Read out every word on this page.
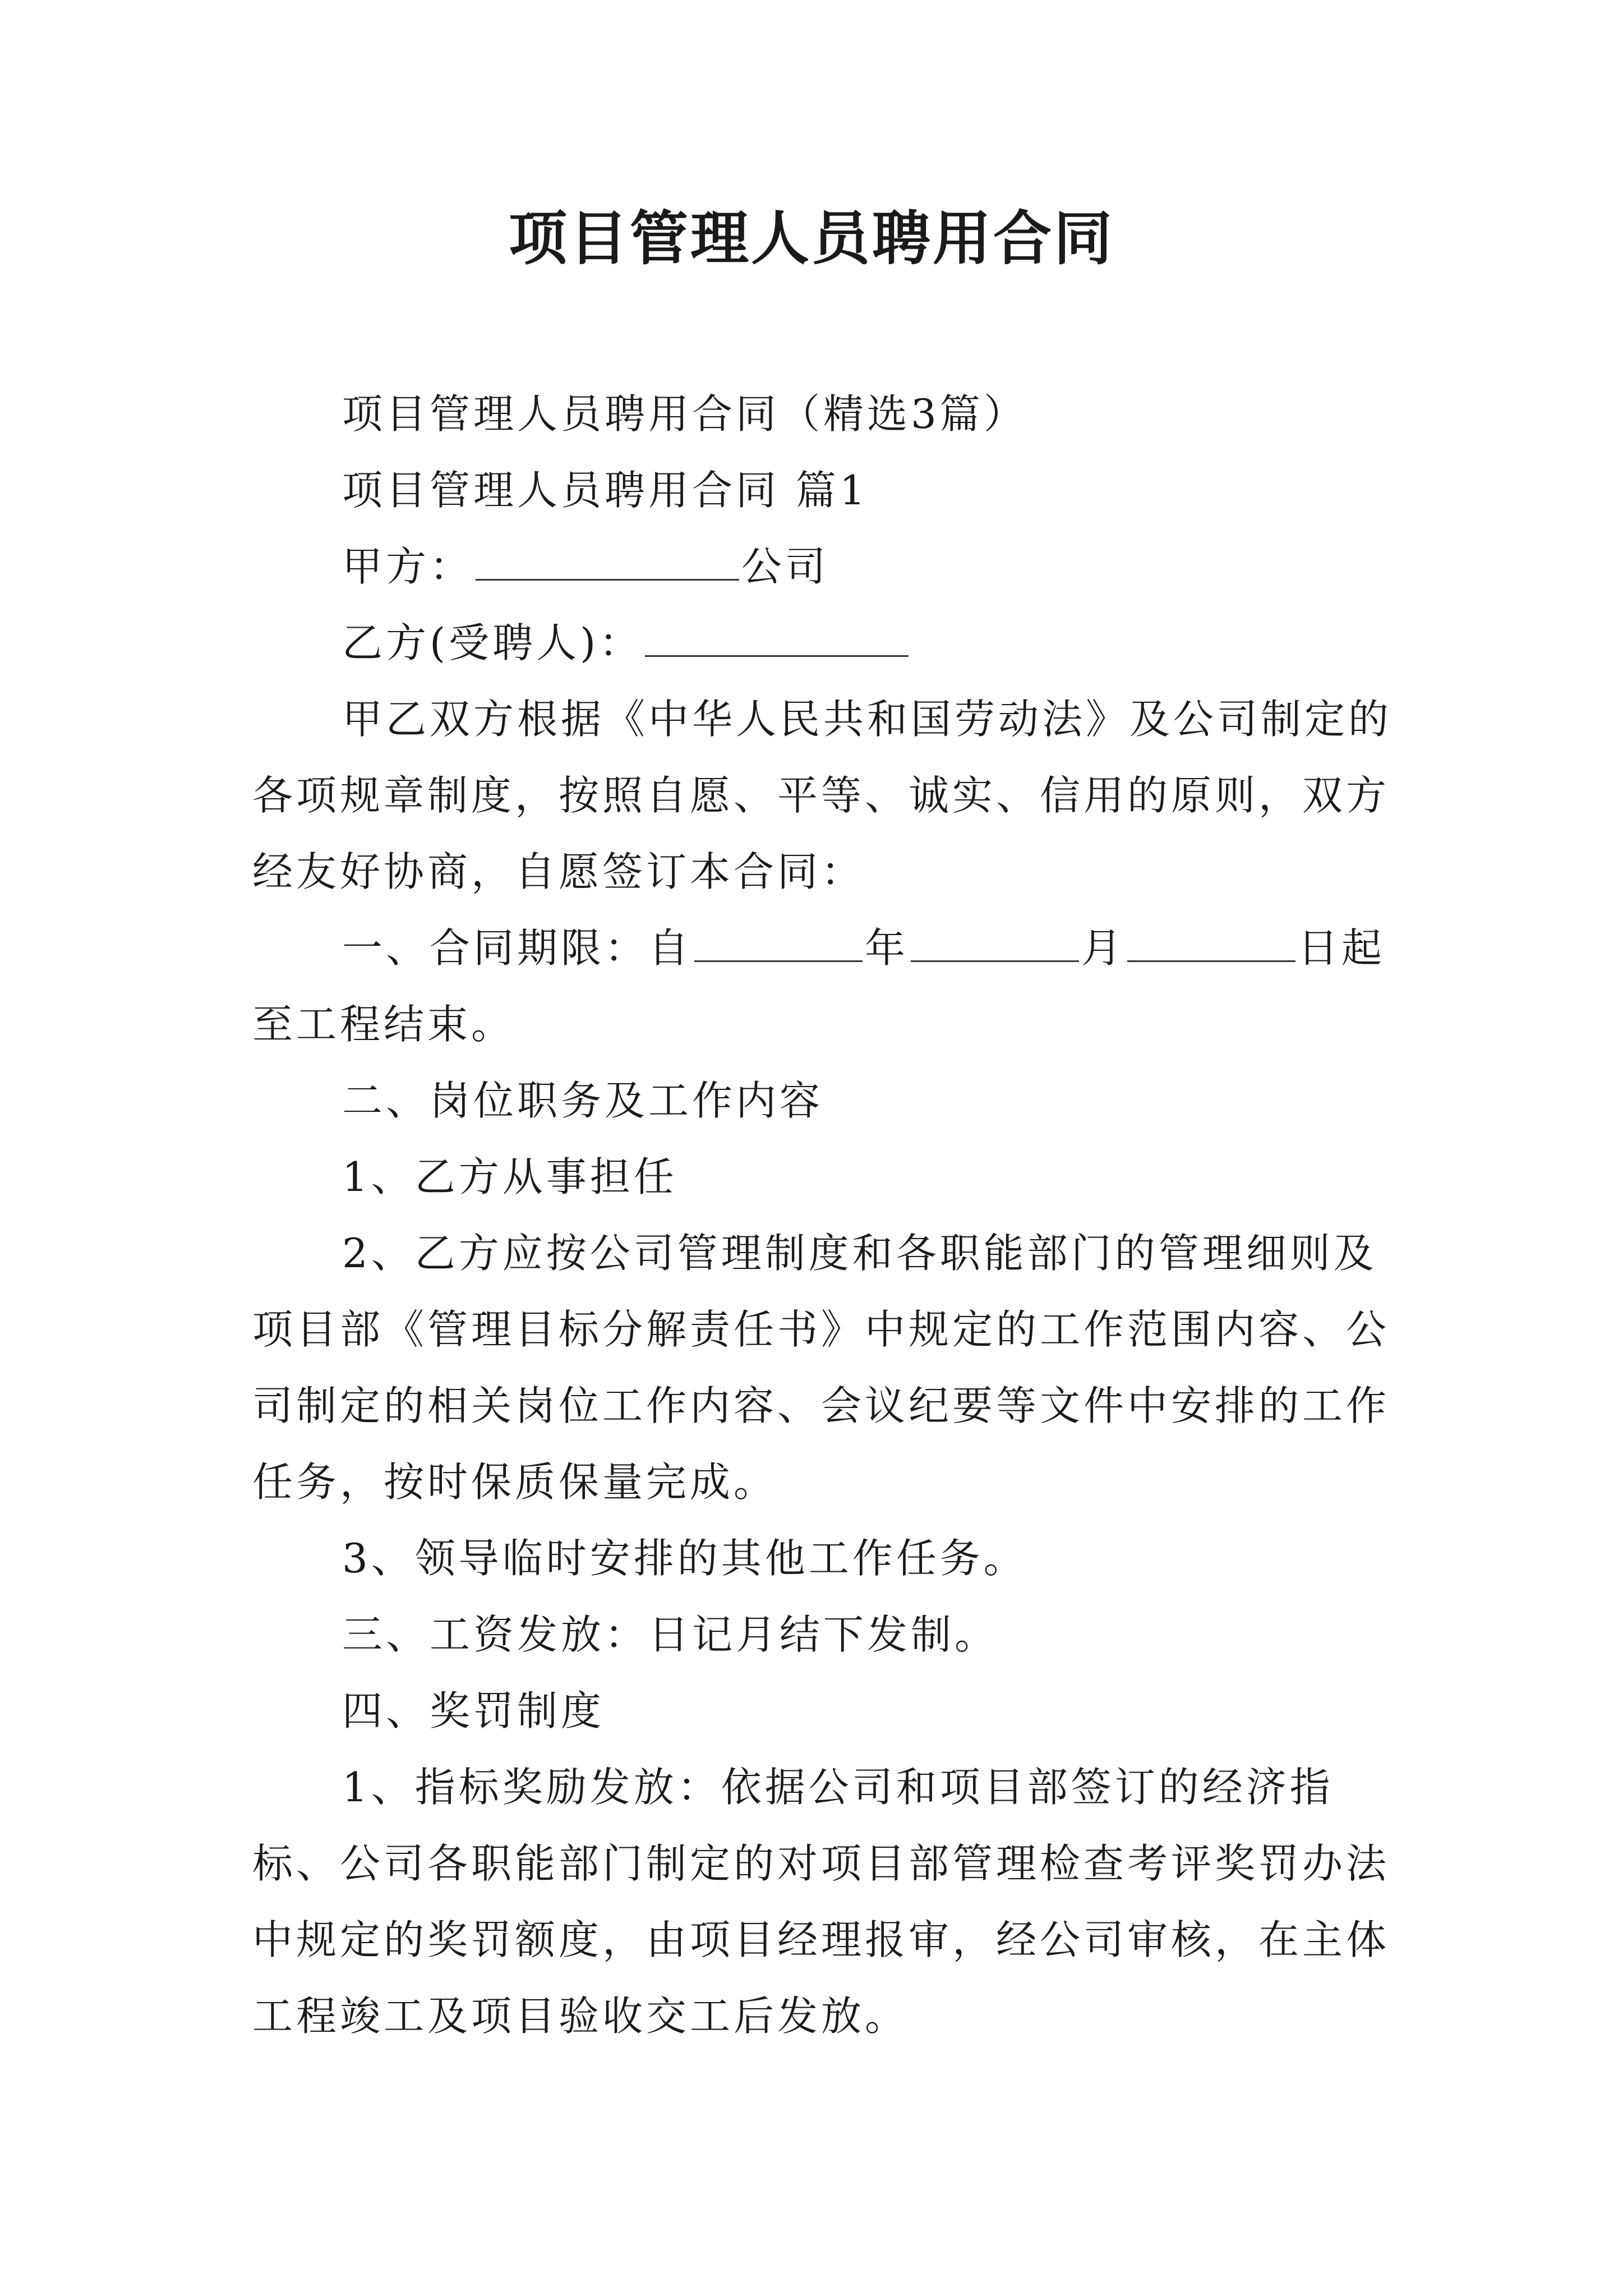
项目管理人员聘用合同

项目管理人员聘用合同（精选3篇）

项目管理人员聘用合同 篇1

甲方：	公司

乙方(受聘人)：

甲乙双方根据《中华人民共和国劳动法》及公司制定的各项规章制度，按照自愿、平等、诚实、信用的原则，双方经友好协商，自愿签订本合同：

一、合同期限：自	年	月	日起至工程结束。

二、岗位职务及工作内容

1、乙方从事担任

2、乙方应按公司管理制度和各职能部门的管理细则及项目部《管理目标分解责任书》中规定的工作范围内容、公司制定的相关岗位工作内容、会议纪要等文件中安排的工作任务，按时保质保量完成。

3、领导临时安排的其他工作任务。

三、工资发放：日记月结下发制。

四、奖罚制度

1、指标奖励发放：依据公司和项目部签订的经济指标、公司各职能部门制定的对项目部管理检查考评奖罚办法中规定的奖罚额度，由项目经理报审，经公司审核，在主体工程竣工及项目验收交工后发放。
